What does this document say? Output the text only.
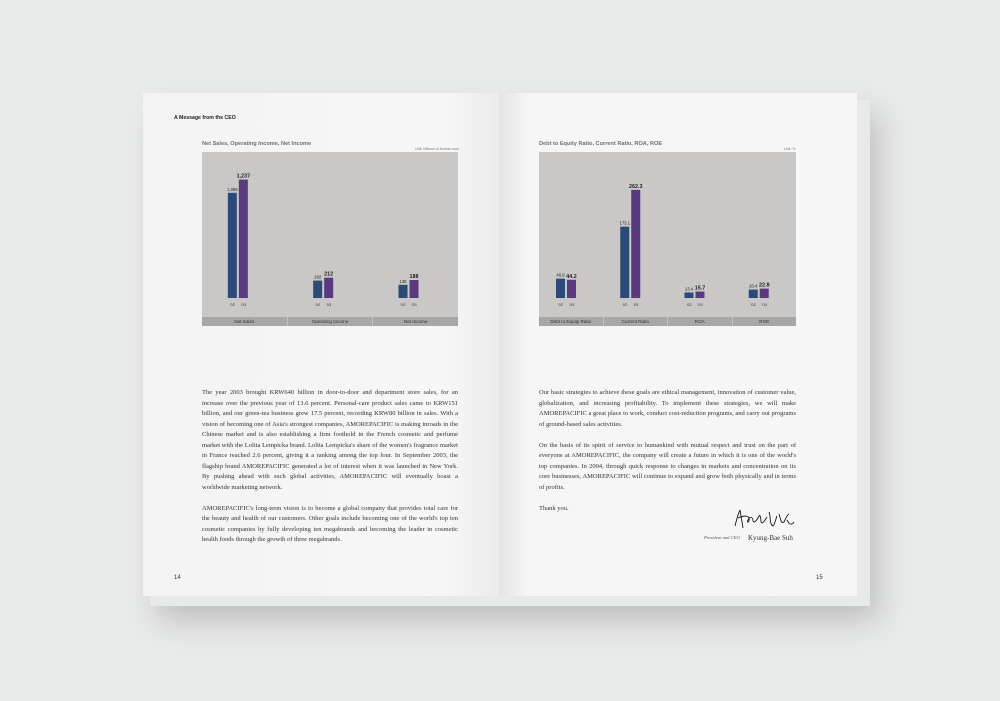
A Message from the CEO
Net Sales, Operating Income, Net Income
Unit: Billions of Korean won
1,099
'02
1,237
'03
182
'02
212
'03
138
'02
188
'03
Net Sales	Operating Income	Net Income

The year 2003 brought KRW640 billion in door-to-door and department store sales, for an increase over the previous year of 13.6 percent. Personal-care product sales came to KRW151 billion, and our green-tea business grew 17.5 percent, recording KRW80 billion in sales. With a vision of becoming one of Asia's strongest companies, AMOREPACIFIC is making inroads in the Chinese market and is also establishing a firm foothold in the French cosmetic and perfume market with the Lolita Lempicka brand. Lolita Lempicka's share of the women's fragrance market in France reached 2.6 percent, giving it a ranking among the top four. In September 2003, the flagship brand AMOREPACIFIC generated a lot of interest when it was launched in New York. By pushing ahead with such global activities, AMOREPACIFIC will eventually boast a worldwide marketing network.

AMOREPACIFIC's long-term vision is to become a global company that provides total care for the beauty and health of our customers. Other goals include becoming one of the world's top ten cosmetic companies by fully developing ten megabrands and becoming the leader in cosmetic health foods through the growth of three megabrands.

14
Debt to Equity Ratio, Current Ratio, ROA, ROE
Unit: %
46.9
'02
44.2
'03
173.1
'02
262.3
'03
13.4
'02
15.7
'03
20.4
'02
22.8
'03
Debt to Equity Ratio	Current Ratio	ROA	ROE

Our basic strategies to achieve these goals are ethical management, innovation of customer value, globalization, and increasing profitability. To implement these strategies, we will make AMOREPACIFIC a great place to work, conduct cost-reduction programs, and carry out programs of ground-based sales activities.

On the basis of its spirit of service to humankind with mutual respect and trust on the part of everyone at AMOREPACIFIC, the company will create a future in which it is one of the world's top companies. In 2004, through quick response to changes in markets and concentration on its core businesses, AMOREPACIFIC will continue to expand and grow both physically and in terms of profits.

Thank you.

President and CEO Kyung-Bae Suh
15
